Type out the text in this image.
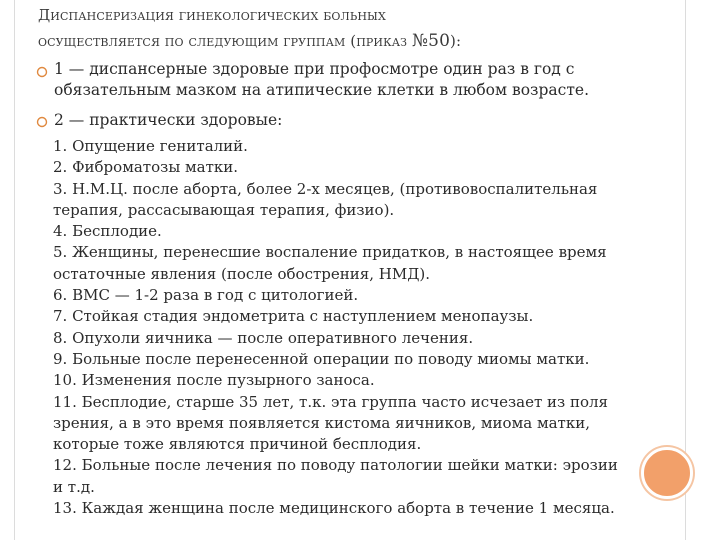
Диспансеризация гинекологических больных
осуществляется по следующим группам (приказ №50):
1 — диспансерные здоровые при профосмотре один раз в год с обязательным мазком на атипические клетки в любом возрасте.
2 — практически здоровые:
1. Опущение гениталий.
2. Фиброматозы матки.
3. Н.М.Ц. после аборта, более 2-х месяцев, (противовоспалительная терапия, рассасывающая терапия, физио).
4. Бесплодие.
5. Женщины, перенесшие воспаление придатков, в настоящее время остаточные явления (после обострения, НМД).
6. ВМС — 1-2 раза в год с цитологией.
7. Стойкая стадия эндометрита с наступлением менопаузы.
8. Опухоли яичника — после оперативного лечения.
9. Больные после перенесенной операции по поводу миомы матки.
10. Изменения после пузырного заноса.
11. Бесплодие, старше 35 лет, т.к. эта группа часто исчезает из поля зрения, а в это время появляется кистома яичников, миома матки, которые тоже являются причиной бесплодия.
12. Больные после лечения по поводу патологии шейки матки: эрозии и т.д.
13. Каждая женщина после медицинского аборта в течение 1 месяца.
